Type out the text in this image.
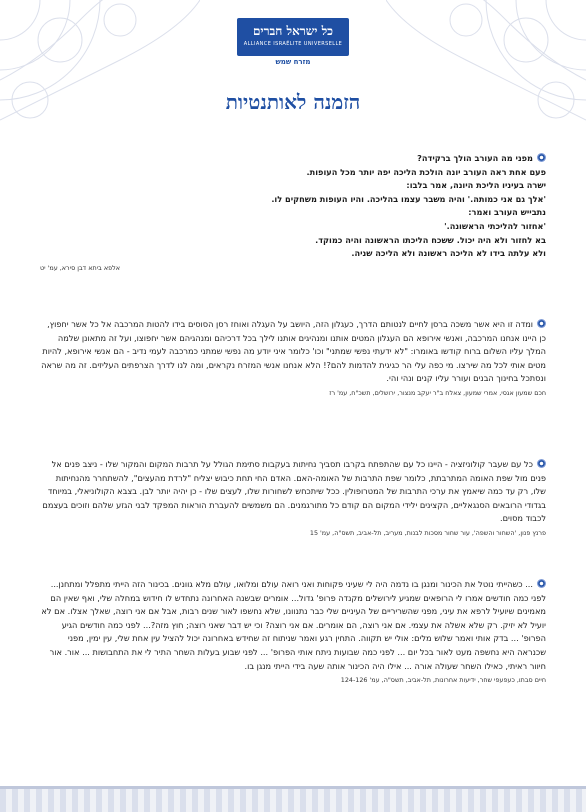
כל ישראל חברים
ALLIANCE ISRAÉLITE UNIVERSELLE
מזרח שמש
הזמנה לאותנטיות

מפני מה העורב הולך ברקידה?

פעם אחת ראה העורב יונה הולכת הליכה יפה יותר מכל העופות.

ישרה בעיניו הליכת היונה, אמר בלבו:

'אלך גם אני כמותה.' והיה משבר עצמו בהליכה. והיו העופות משחקים לו.

נתבייש העורב ואמר:

'אחזור להליכתי הראשונה.'

בא לחזור ולא היה יכול. ששכח הליכתו הראשונה והיה כמוקד.

ולא עלתה בידו לא הליכה ראשונה ולא הליכה שניה.

אלפא ביתא דבן סירא, עמ' יט

ומדה זו היא אשר משכה ברסן לחיים לנטותם הדרך, כעגלון הזה, היושב על העגלה ואוחז רסן הסוסים בידו להטות המרכבה אל כל אשר יחפוץ, כן היינו אנחנו המרכבה, ואנשי אירופא הם העגלון המטים אותנו ומנהיגים אותנו לילך בכל דרכיהם ומנהגיהם אשר יחפוצו, ועל זה מתאונן שלמה המלך עליו השלום ברוח קודשו באומרו: "לא ידעתי נפשי שמתני" וכו' כלומר איני יודע מה נפשי שמתני כמרכבה לעמי נדיב - הם אנשי אירופא, להיות מטים אותי לכל מה שירצו. מי כפה עלי הר כגיגית להדמות להם?! הלא אנחנו אנשי המזרח נקראים, ומה לנו לדרך הצרפתים העליזים. זה מה שראה ונסתכל בחינוך הבנים ועורר עליו קנים ונהי והי.

חכם שמעון אגסי, אמרי שמעון, צאלח ב"ר יעקב מנצור, ירושלים, תשכ"ח, עמ' רז

כל עם שעבר קולוניזציה - היינו כל עם שהתפתח בקרבו תסביך נחיתות בעקבות סתימת הגולל על תרבות המקום והמקור שלו - ניצב פנים אל פנים מול שפת האומה המתרבתת, כלומר שפת התרבות של האומה-האם. האדם החי תחת כיבוש יצליח "לרדת מהעצים", להשתחרר מהנחיתות שלו, רק עד כמה שיאמץ את ערכי התרבות של המטרופולין. ככל שיתכחש לשחורות שלו, לעצים שלו - כן יהיה יותר לבן. בצבא הקולוניאלי, במיוחד בגדודי הרובאים הסנגאליים, הקצינים ילידי המקום הם קודם כל מתורגמנים. הם משמשים להעברת הוראות המפקד לבני הגזע שלהם וזוכים בעצמם לכבוד מסוים.

פרנץ פנון, 'השחור והשפה', עור שחור מסכות לבנות, מעריב, תל-אביב, תשס"ה, עמ' 15

... כשהייתי נוטל את הכינור ומנגן בו נדמה היה לי שעיני פקוחות ואני רואה עולם ומלואו, עולם מלא גוונים. בכינור הזה הייתי מתפלל ומתחנן... לפני כמה חודשים אמרו לי הרופאים שמגיע לירושלים מקנדה פרופ' גדול... אומרים שבשנה האחרונה נתחדש לו חידוש במחלה שלי, ואף שאין הם מאמינים שיועיל לרפא את עיני, מפני שהשריריים של העיניים שלי כבר נתנוונו, שלא נחשפו לאור שנים רבות, אבל אם אני רוצה, שאלך אצלו. אם לא יועיל לא יזיק. רק שלא אשלה את עצמי. אם אני רוצה, הם אומרים. אם אני רוצה? וכי יש דבר שאני רוצה; חוץ מזה?... לפני כמה חודשים הגיע הפרופ' ... בדק אותי ואמר שלוש מלים: אולי יש תקווה. התחין רגע ואמר שניתוח זה שחידש באחרונה יכול להציל עין אחת שלי, עין ימין, מפני שכנראה היא נחשפה מעט לאור בכל יום ... לפני כמה שבועות ניתח אותי הפרופ' ... לפני שבוע בעלות השחר התיר לי את התחבושות ... אור. אור חיוור ראיתי, כאילו השחר שעולה אורה ... אילו היה הכינור אותה שעה בידי הייתי מנגן בו.

חיים סבתו, כעפעפי שחר, ידיעות אחרונות, תל-אביב, תשס"ה, עמ' 124-126
